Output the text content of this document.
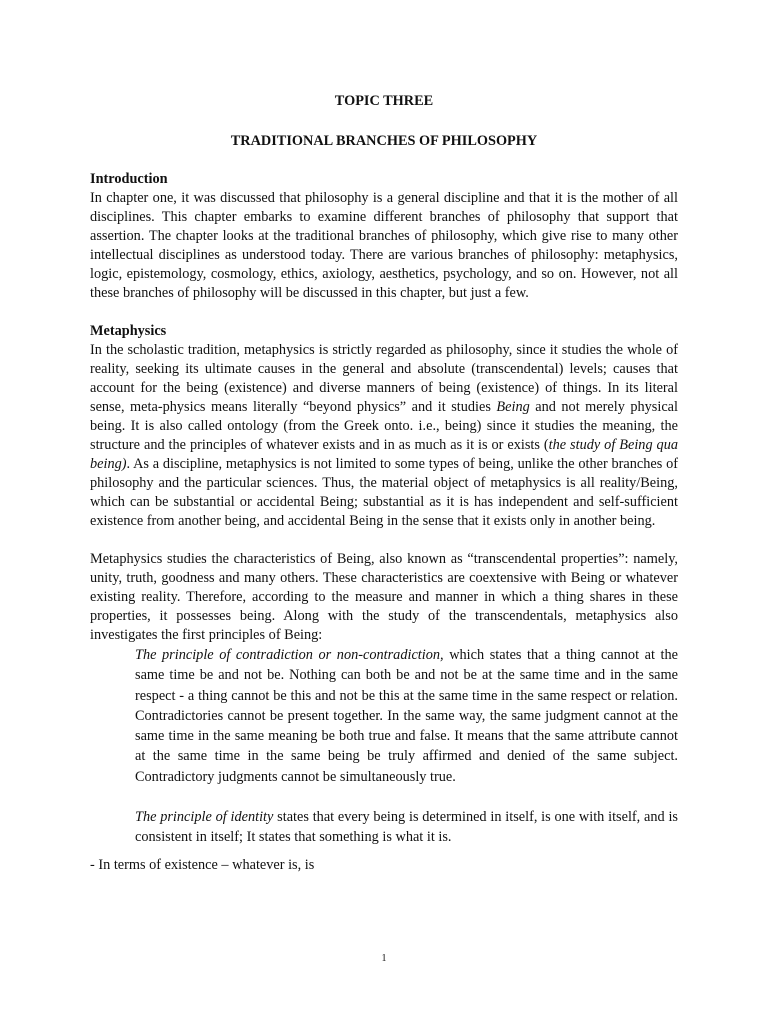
TOPIC THREE

TRADITIONAL BRANCHES OF PHILOSOPHY

Introduction

In chapter one, it was discussed that philosophy is a general discipline and that it is the mother of all disciplines. This chapter embarks to examine different branches of philosophy that support that assertion. The chapter looks at the traditional branches of philosophy, which give rise to many other intellectual disciplines as understood today. There are various branches of philosophy: metaphysics, logic, epistemology, cosmology, ethics, axiology, aesthetics, psychology, and so on. However, not all these branches of philosophy will be discussed in this chapter, but just a few.

Metaphysics

In the scholastic tradition, metaphysics is strictly regarded as philosophy, since it studies the whole of reality, seeking its ultimate causes in the general and absolute (transcendental) levels; causes that account for the being (existence) and diverse manners of being (existence) of things. In its literal sense, meta-physics means literally “beyond physics” and it studies Being and not merely physical being. It is also called ontology (from the Greek onto. i.e., being) since it studies the meaning, the structure and the principles of whatever exists and in as much as it is or exists (the study of Being qua being). As a discipline, metaphysics is not limited to some types of being, unlike the other branches of philosophy and the particular sciences. Thus, the material object of metaphysics is all reality/Being, which can be substantial or accidental Being; substantial as it is has independent and self-sufficient existence from another being, and accidental Being in the sense that it exists only in another being.

Metaphysics studies the characteristics of Being, also known as “transcendental properties”: namely, unity, truth, goodness and many others. These characteristics are coextensive with Being or whatever existing reality. Therefore, according to the measure and manner in which a thing shares in these properties, it possesses being. Along with the study of the transcendentals, metaphysics also investigates the first principles of Being:

The principle of contradiction or non-contradiction, which states that a thing cannot at the same time be and not be. Nothing can both be and not be at the same time and in the same respect - a thing cannot be this and not be this at the same time in the same respect or relation. Contradictories cannot be present together. In the same way, the same judgment cannot at the same time in the same meaning be both true and false. It means that the same attribute cannot at the same time in the same being be truly affirmed and denied of the same subject. Contradictory judgments cannot be simultaneously true.

The principle of identity states that every being is determined in itself, is one with itself, and is consistent in itself; It states that something is what it is.

- In terms of existence – whatever is, is

1
